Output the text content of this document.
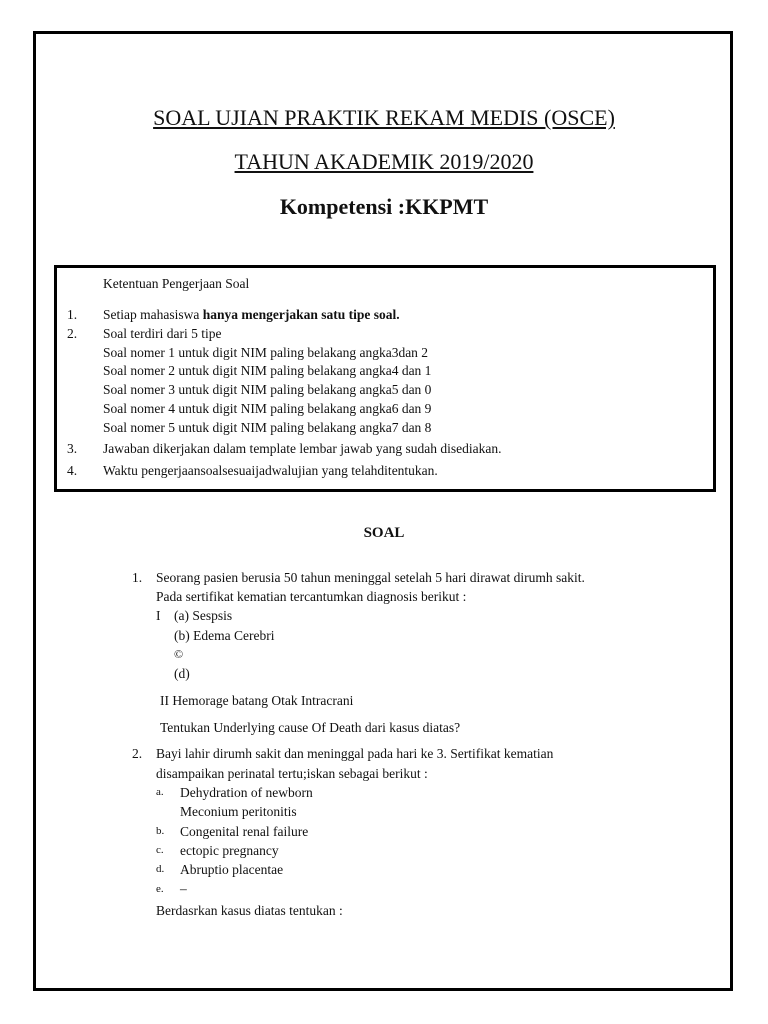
SOAL UJIAN PRAKTIK REKAM MEDIS (OSCE)
TAHUN AKADEMIK 2019/2020
Kompetensi :KKPMT
Ketentuan Pengerjaan Soal
1. Setiap mahasiswa hanya mengerjakan satu tipe soal.
2. Soal terdiri dari 5 tipe
Soal nomer 1 untuk digit NIM paling belakang angka3dan 2
Soal nomer 2 untuk digit NIM paling belakang angka4 dan 1
Soal nomer 3 untuk digit NIM paling belakang angka5 dan 0
Soal nomer 4 untuk digit NIM paling belakang angka6 dan 9
Soal nomer 5 untuk digit NIM paling belakang angka7 dan 8
3. Jawaban dikerjakan dalam template lembar jawab yang sudah disediakan.
4. Waktu pengerjaansoalsesuaijadwalujian yang telahditentukan.
SOAL
1. Seorang pasien berusia 50 tahun meninggal setelah 5 hari dirawat dirumh sakit.
Pada sertifikat kematian tercantumkan diagnosis berikut :
I (a) Sespsis
(b) Edema Cerebri
©
(d)
II Hemorage batang Otak Intracrani
Tentukan Underlying cause Of Death dari kasus diatas?
2. Bayi lahir dirumh sakit dan meninggal pada hari ke 3. Sertifikat kematian
disampaikan perinatal tertu;iskan sebagai berikut :
a. Dehydration of newborn
Meconium peritonitis
b. Congenital renal failure
c. ectopic pregnancy
d. Abruptio placentae
e. –
Berdasrkan kasus diatas tentukan :
